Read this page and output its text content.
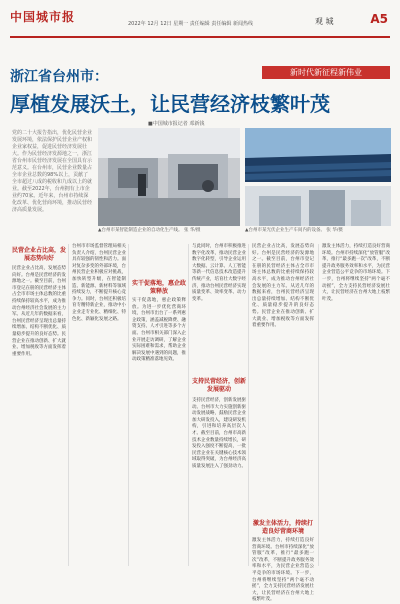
中国城市报	2022年 12月 12日 星期一 责任编辑 责任编辑 新闻热线	观 城	A5
新时代新征程新伟业
浙江省台州市：
厚植发展沃土，让民营经济枝繁叶茂
■中国城市报记者 邓新钱
党的二十大报告指出，优化民营企业发展环境，依法保护民营企业产权和企业家权益，促进民营经济发展壮大。作为民营经济发源地之一，浙江省台州市民营经济发展在全国具有示范意义。在台州市，民营企业数量占全市企业总数的98%以上，贡献了全市超过八成的税收和九成以上的就业。截至2022年，台州拥有上市企业约70家。近年来，台州市持续深化改革、优化营商环境，推动民营经济高质量发展。
▲台州市某智能制造企业的自动化生产线。 张 华/摄	▲台州市某光伏企业生产车间内的设备。 张 华/摄
民营企业占比高，发展态势向好
民营企业占比高，发展态势向好。台州是民营经济的发源地之一。截至目前，台州市登记在册的民营经济主体占全市市场主体总数的比重持续保持较高水平，成为推动台州经济社会发展的主力军。从近几年的数据来看，台州民营经济呈现出总量持续增加、结构不断优化、质量稳步提升的良好态势。民营企业在推动创新、扩大就业、增加税收等方面发挥着重要作用。
台州市市场监督管理局相关负责人介绍，台州民营企业具有较强的韧性和活力。面对复杂多变的外部环境，台州民营企业积极应对挑战，加快转型升级，在智能制造、新能源、新材料等领域持续发力，不断提升核心竞争力。同时，台州还积极培育专精特新企业，推动中小企业走专业化、精细化、特色化、新颖化发展之路。
实干促落地，惠企政策释放
实干促落地，惠企政策释放。为进一步优化营商环境，台州市出台了一系列惠企政策，涵盖减税降费、融资支持、人才引进等多个方面。台州市相关部门深入企业开展走访调研，了解企业实际困难和需求，帮助企业解决发展中遇到的问题，推动政策精准落地见效。
支持民营经济，创新发展驱动
与此同时，台州市积极推进数字化改革，推动民营企业数字化转型，引导企业运用大数据、云计算、人工智能等新一代信息技术改造提升传统产业，培育壮大数字经济，推动台州民营经济实现质量变革、效率变革、动力变革。
支持民营经济，创新发展驱动。台州市大力实施创新驱动发展战略，鼓励民营企业加大研发投入，建设研发机构，引进和培养高层次人才。截至目前，台州市高新技术企业数量持续增长，研发投入强度不断提高，一批民营企业在关键核心技术领域取得突破，为台州经济高质量发展注入了强劲动力。
激发主体活力，持续打造良好营商环境
民营企业占比高，发展态势向好。台州是民营经济的发源地之一。截至目前，台州市登记在册的民营经济主体占全市市场主体总数的比重持续保持较高水平，成为推动台州经济社会发展的主力军。从近几年的数据来看，台州民营经济呈现出总量持续增加、结构不断优化、质量稳步提升的良好态势。民营企业在推动创新、扩大就业、增加税收等方面发挥着重要作用。
激发主体活力，持续打造良好营商环境。台州市持续深化“放管服”改革，推行“最多跑一次”改革，不断提升政务服务效率和水平，为民营企业营造公平竞争的市场环境。下一步，台州将继续坚持“两个毫不动摇”，全力支持民营经济发展壮大，让民营经济在台州大地上枝繁叶茂。
激发主体活力，持续打造良好营商环境。台州市持续深化“放管服”改革，推行“最多跑一次”改革，不断提升政务服务效率和水平，为民营企业营造公平竞争的市场环境。下一步，台州将继续坚持“两个毫不动摇”，全力支持民营经济发展壮大，让民营经济在台州大地上枝繁叶茂。
